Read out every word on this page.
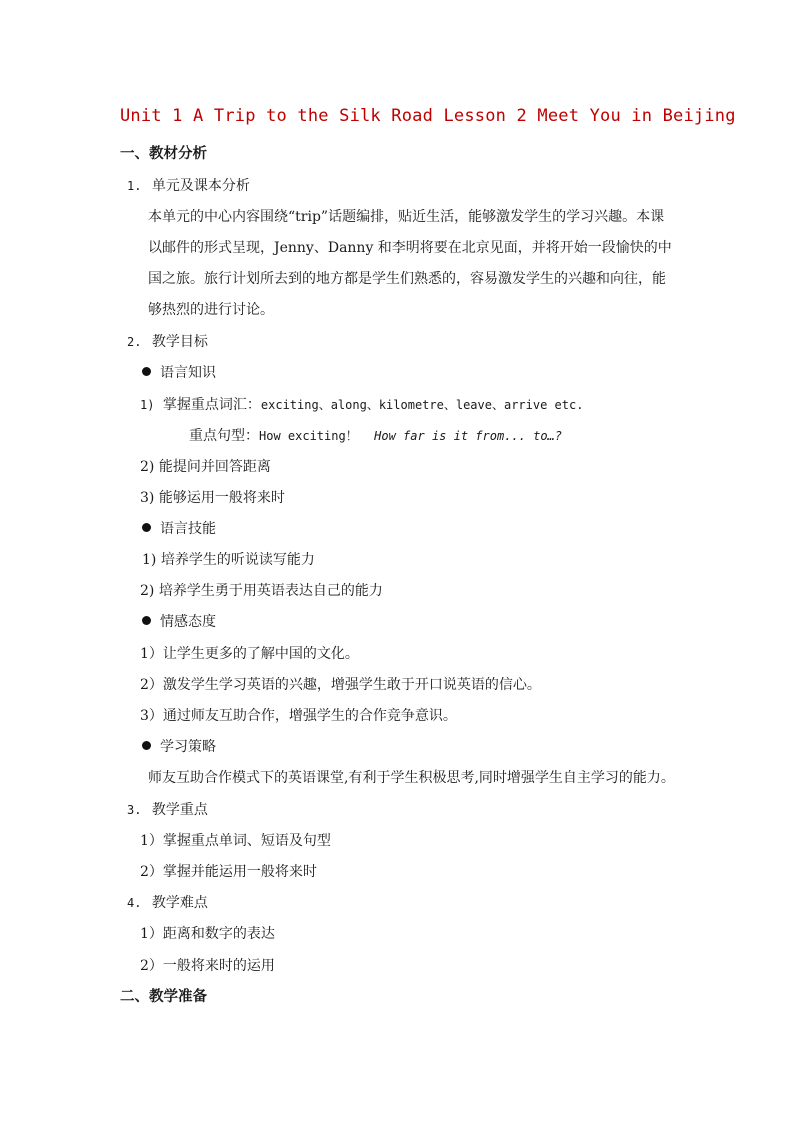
Unit 1 A Trip to the Silk Road Lesson 2 Meet You in Beijing
一、教材分析
1. 单元及课本分析
本单元的中心内容围绕“trip”话题编排，贴近生活，能够激发学生的学习兴趣。本课以邮件的形式呈现，Jenny、Danny 和李明将要在北京见面，并将开始一段愉快的中国之旅。旅行计划所去到的地方都是学生们熟悉的，容易激发学生的兴趣和向往，能够热烈的进行讨论。
2. 教学目标
语言知识
1) 掌握重点词汇：exciting、along、kilometre、leave、arrive etc.
重点句型：How exciting！ How far is it from... to…?
2) 能提问并回答距离
3) 能够运用一般将来时
语言技能
1) 培养学生的听说读写能力
2) 培养学生勇于用英语表达自己的能力
情感态度
1）让学生更多的了解中国的文化。
2）激发学生学习英语的兴趣，增强学生敢于开口说英语的信心。
3）通过师友互助合作，增强学生的合作竞争意识。
学习策略
师友互助合作模式下的英语课堂,有利于学生积极思考,同时增强学生自主学习的能力。
3. 教学重点
1）掌握重点单词、短语及句型
2）掌握并能运用一般将来时
4. 教学难点
1）距离和数字的表达
2）一般将来时的运用
二、教学准备
